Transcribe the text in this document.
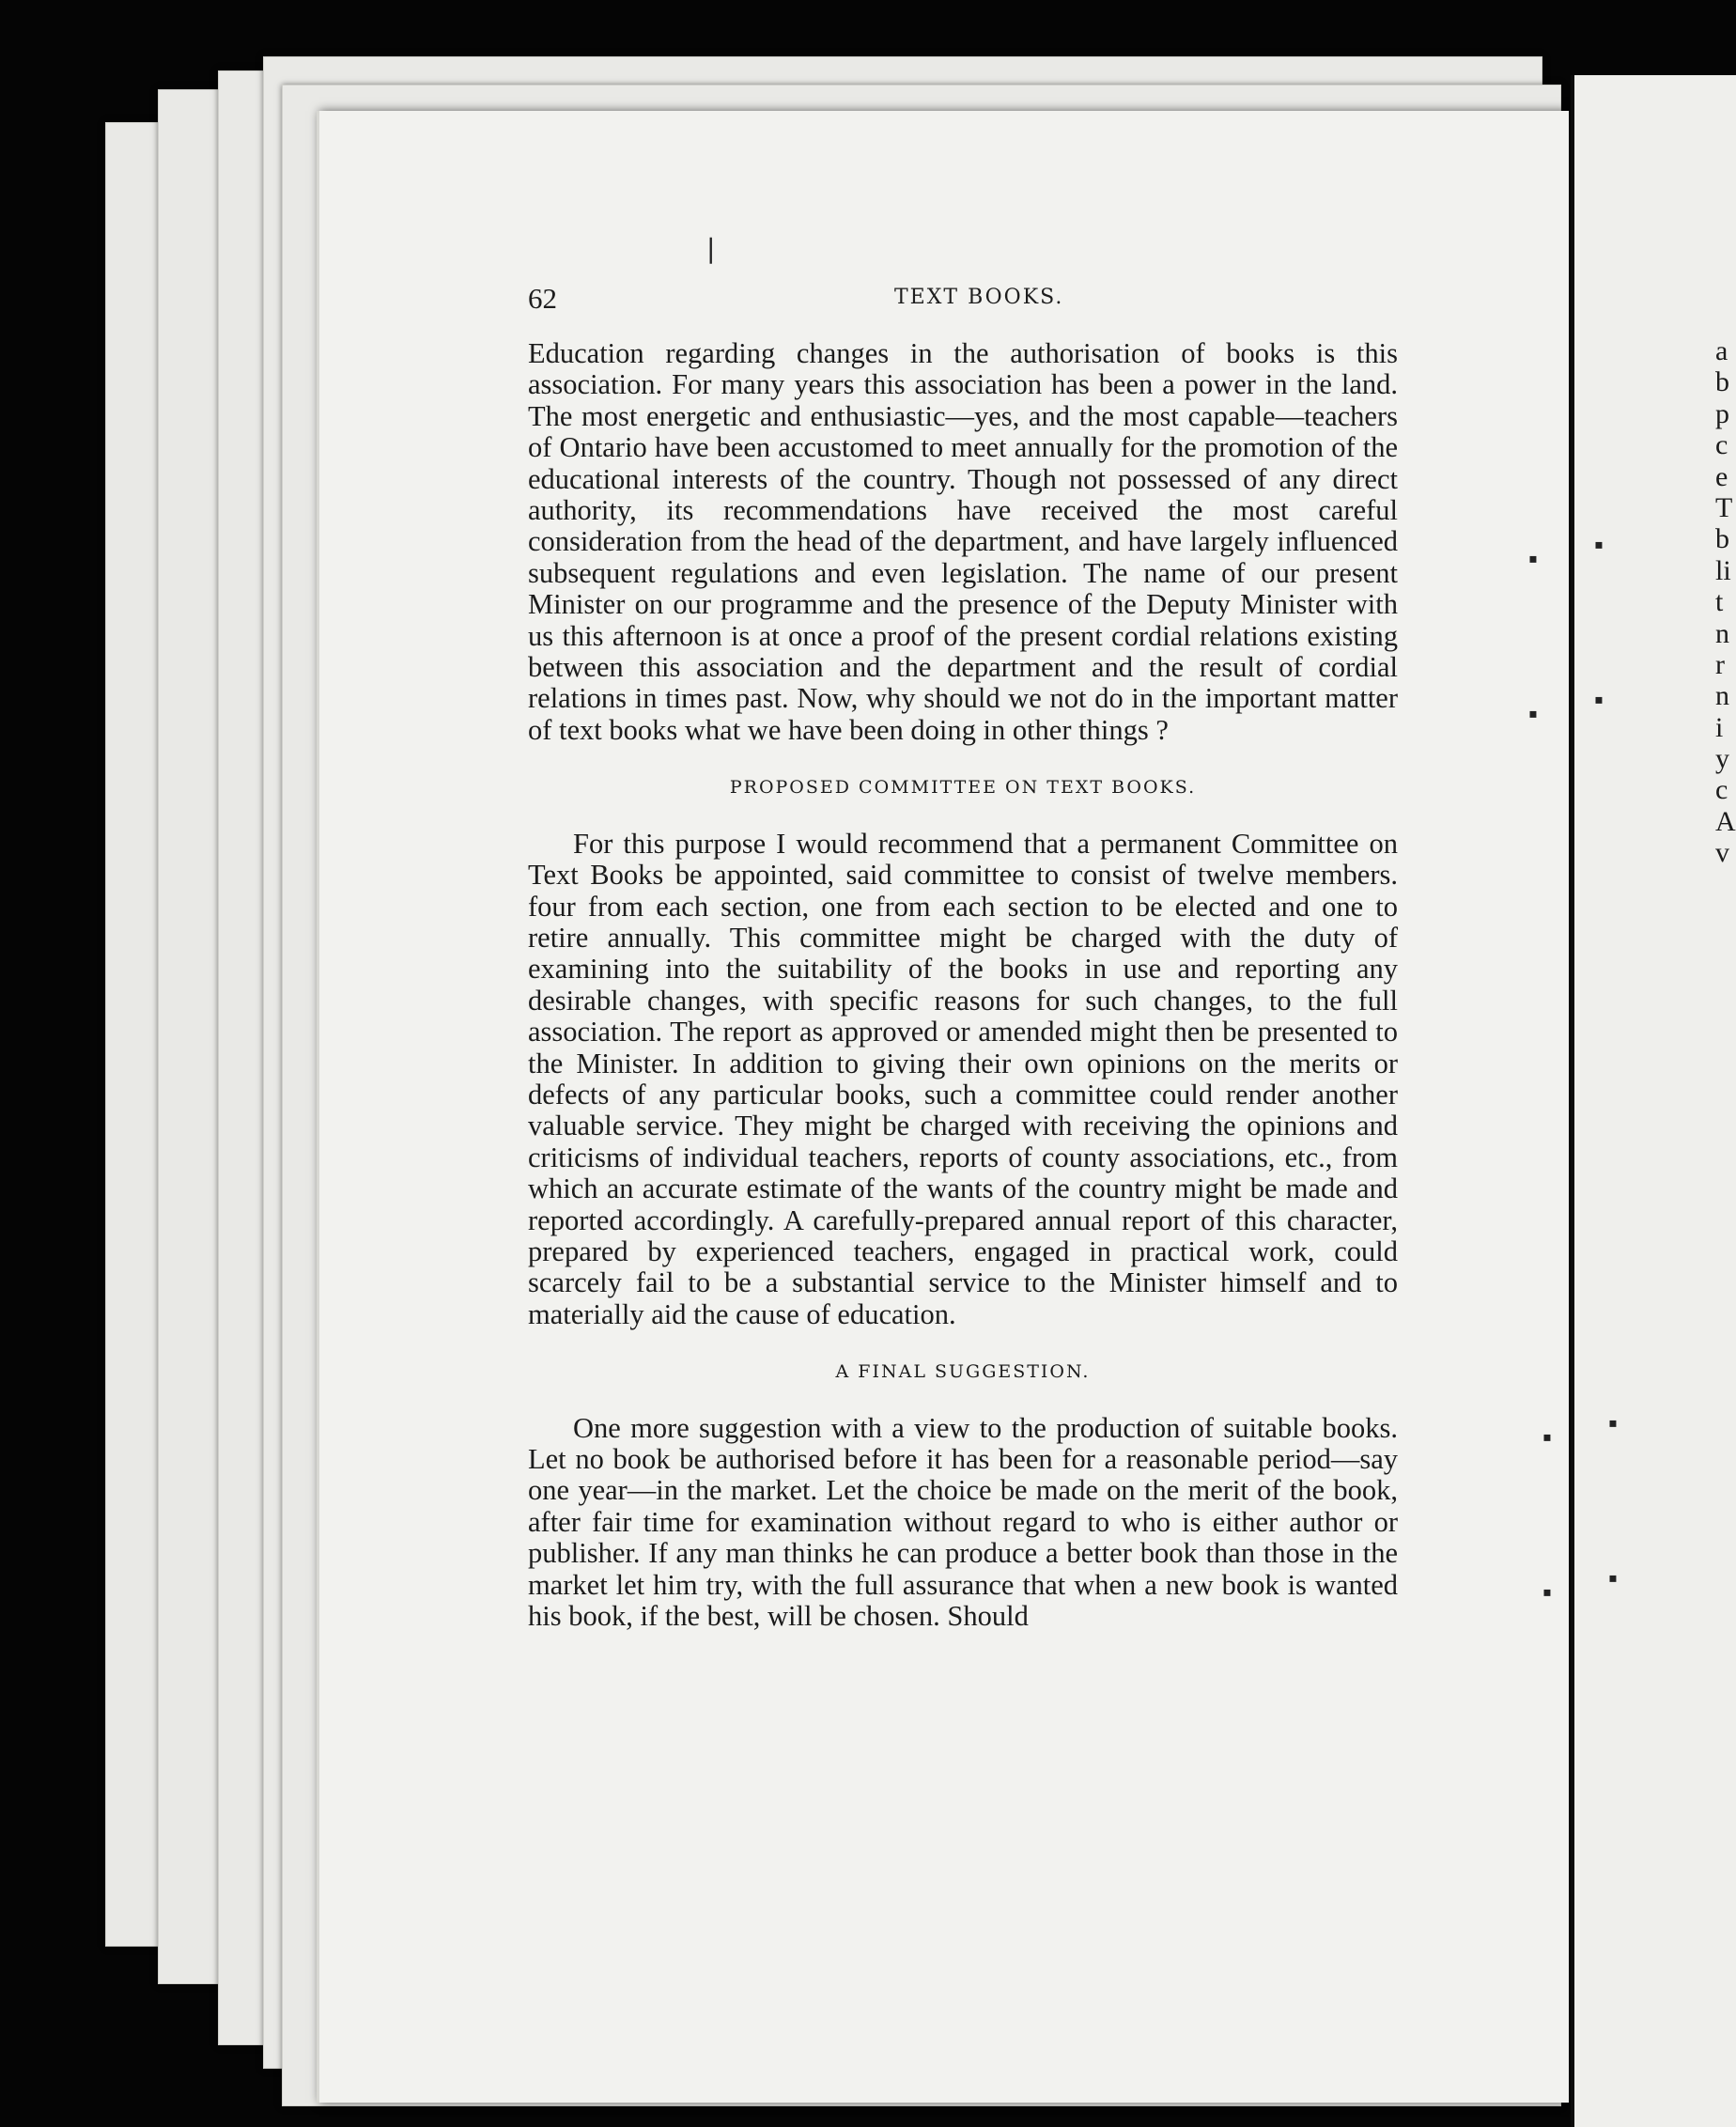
62	TEXT BOOKS.

Education regarding changes in the authorisation of books is this association. For many years this association has been a power in the land. The most energetic and enthusiastic—yes, and the most capable—teachers of Ontario have been accustomed to meet annually for the promotion of the educational interests of the country. Though not possessed of any direct authority, its recommendations have received the most careful consideration from the head of the department, and have largely influenced subsequent regulations and even legislation. The name of our present Minister on our programme and the presence of the Deputy Minister with us this afternoon is at once a proof of the present cordial relations existing between this association and the department and the result of cordial relations in times past. Now, why should we not do in the important matter of text books what we have been doing in other things ?

PROPOSED COMMITTEE ON TEXT BOOKS.

For this purpose I would recommend that a permanent Committee on Text Books be appointed, said committee to consist of twelve members. four from each section, one from each section to be elected and one to retire annually. This committee might be charged with the duty of examining into the suitability of the books in use and reporting any desirable changes, with specific reasons for such changes, to the full association. The report as approved or amended might then be presented to the Minister. In addition to giving their own opinions on the merits or defects of any particular books, such a committee could render another valuable service. They might be charged with receiving the opinions and criticisms of individual teachers, reports of county associations, etc., from which an accurate estimate of the wants of the country might be made and reported accordingly. A carefully-prepared annual report of this character, prepared by experienced teachers, engaged in practical work, could scarcely fail to be a substantial service to the Minister himself and to materially aid the cause of education.

A FINAL SUGGESTION.

One more suggestion with a view to the production of suitable books. Let no book be authorised before it has been for a reasonable period—say one year—in the market. Let the choice be made on the merit of the book, after fair time for examination without regard to who is either author or publisher. If any man thinks he can produce a better book than those in the market let him try, with the full assurance that when a new book is wanted his book, if the best, will be chosen. Should

a
b
p
c
e
T
b
li
t
n
r
n
i
y
c
A
v
▪ ▪
▪ ▪
▪ ▪
▪ ▪
❘
